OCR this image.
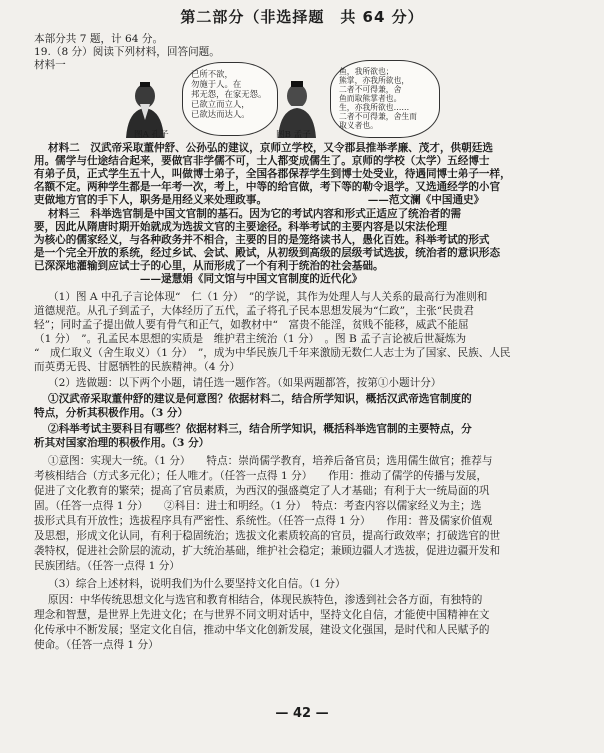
第二部分（非选择题　共 64 分）
本部分共 7 题，计 64 分。
19.（8 分）阅读下列材料，回答问题。
材料一
已所不欲，
勿施于人。在
邦无怨，在家无怨。
已欲立而立人，
已欲达而达人。
图A 孔子
鱼，我所欲也；
熊掌，亦我所欲也，
二者不可得兼，舍
鱼而取熊掌者也。
生，亦我所欲也……
二者不可得兼，舍生而
取义者也。
图B 孟子
材料二　汉武帝采取董仲舒、公孙弘的建议，京师立学校，又令郡县推举孝廉、茂才，供朝廷选
用。儒学与仕途结合起来，要做官非学儒不可，士人都变成儒生了。京师的学校（太学）五经博士
有弟子员，正式学生五十人，叫做博士弟子，全国各郡保荐学生到博士处受业，待遇同博士弟子一样，
名额不定。两种学生都是一年考一次，考上，中等的给官做，考下等的勒令退学。又选通经学的小官
吏做地方官的手下人，职务是用经义来处理政事。　　　　　　　　　　——范文澜《中国通史》
材料三　科举选官制是中国文官制的基石。因为它的考试内容和形式正适应了统治者的需
要，因此从隋唐时期开始就成为选拔文官的主要途径。科举考试的主要内容是以宋法伦理
为核心的儒家经义，与各种政务并不相合，主要的目的是笼络读书人，愚化百姓。科举考试的形式
是一个完全开放的系统，经过乡试、会试、殿试，从初级到高级的层级考试选拔，统治者的意识形态
已深深地灌输到应试士子的心里，从而形成了一个有利于统治的社会基础。
　　　　　　　　　　——逯慧娟《同文馆与中国文官制度的近代化》
（1）图 A 中孔子言论体现“　仁（1 分）　”的学说，其作为处理人与人关系的最高行为准则和
道德规范。从孔子到孟子，大体经历了五代，孟子将孔子民本思想发展为“仁政”，主张“民贵君
轻”；同时孟子提出做人要有骨气和正气，如教材中“　富贵不能淫，贫贱不能移，威武不能屈
（1 分）　”。孔孟民本思想的实质是　维护君主统治（1 分）　。图 B 孟子言论被后世凝炼为
“　成仁取义（舍生取义）（1 分）　”，成为中华民族几千年来激励无数仁人志士为了国家、民族、人民
而英勇无畏、甘愿牺牲的民族精神。（4 分）
（2）选做题：以下两个小题，请任选一题作答。（如果两题都答，按第①小题计分）
①汉武帝采取董仲舒的建议是何意图？依据材料二，结合所学知识，概括汉武帝选官制度的
特点，分析其积极作用。（3 分）
②科举考试主要科目有哪些？依据材料三，结合所学知识，概括科举选官制的主要特点，分
析其对国家治理的积极作用。（3 分）
①意图：实现大一统。（1 分）　　特点：崇尚儒学教育，培养后备官员；选用儒生做官；推荐与
考核相结合（方式多元化）；任人唯才。（任答一点得 1 分）　　作用：推动了儒学的传播与发展，
促进了文化教育的繁荣；提高了官员素质，为西汉的强盛奠定了人才基础；有利于大一统局面的巩
固。（任答一点得 1 分）　　②科目：进士和明经。（1 分）　特点：考查内容以儒家经义为主；选
拔形式具有开放性；选拔程序具有严密性、系统性。（任答一点得 1 分）　　作用：普及儒家价值观
及思想，形成文化认同，有利于稳固统治；选拔文化素质较高的官员，提高行政效率；打破选官的世
袭特权，促进社会阶层的流动，扩大统治基础，维护社会稳定；兼顾边疆人才选拔，促进边疆开发和
民族团结。（任答一点得 1 分）
（3）综合上述材料，说明我们为什么要坚持文化自信。（1 分）
原因：中华传统思想文化与选官和教育相结合，体现民族特色，渗透到社会各方面，有独特的
理念和智慧，是世界上先进文化；在与世界不同文明对话中，坚持文化自信，才能使中国精神在文
化传承中不断发展；坚定文化自信，推动中华文化创新发展，建设文化强国，是时代和人民赋予的
使命。（任答一点得 1 分）
— 42 —
